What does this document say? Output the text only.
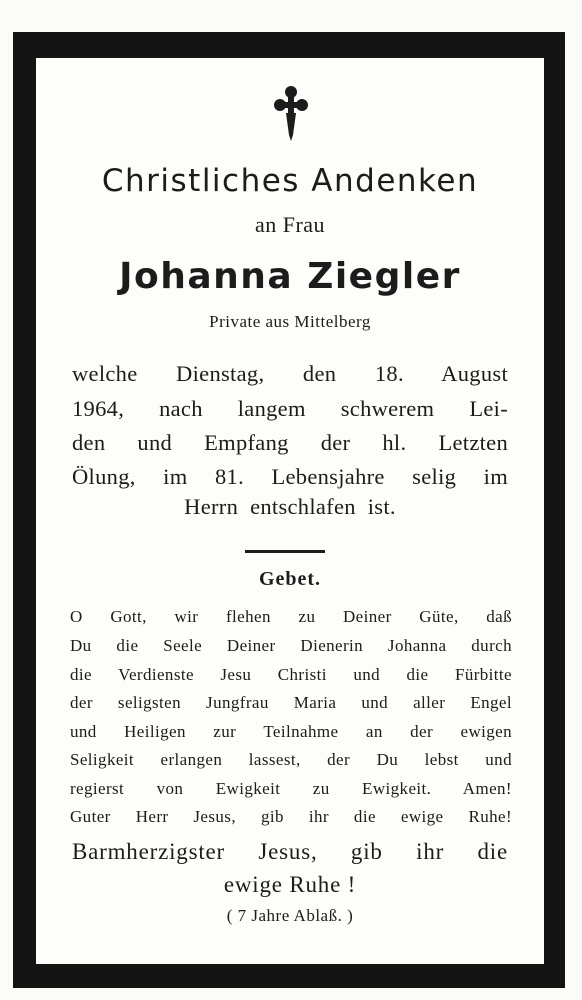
Christliches Andenken
an Frau
Johanna Ziegler
Private aus Mittelberg
welche Dienstag, den 18. August
1964, nach langem schwerem Lei-
den und Empfang der hl. Letzten
Ölung, im 81. Lebensjahre selig im
Herrn entschlafen ist.
Gebet.
O Gott, wir flehen zu Deiner Güte, daß
Du die Seele Deiner Dienerin Johanna durch
die Verdienste Jesu Christi und die Fürbitte
der seligsten Jungfrau Maria und aller Engel
und Heiligen zur Teilnahme an der ewigen
Seligkeit erlangen lassest, der Du lebst und
regierst von Ewigkeit zu Ewigkeit. Amen!
Guter Herr Jesus, gib ihr die ewige Ruhe!
Barmherzigster Jesus, gib ihr die
ewige Ruhe !
( 7 Jahre Ablaß. )
